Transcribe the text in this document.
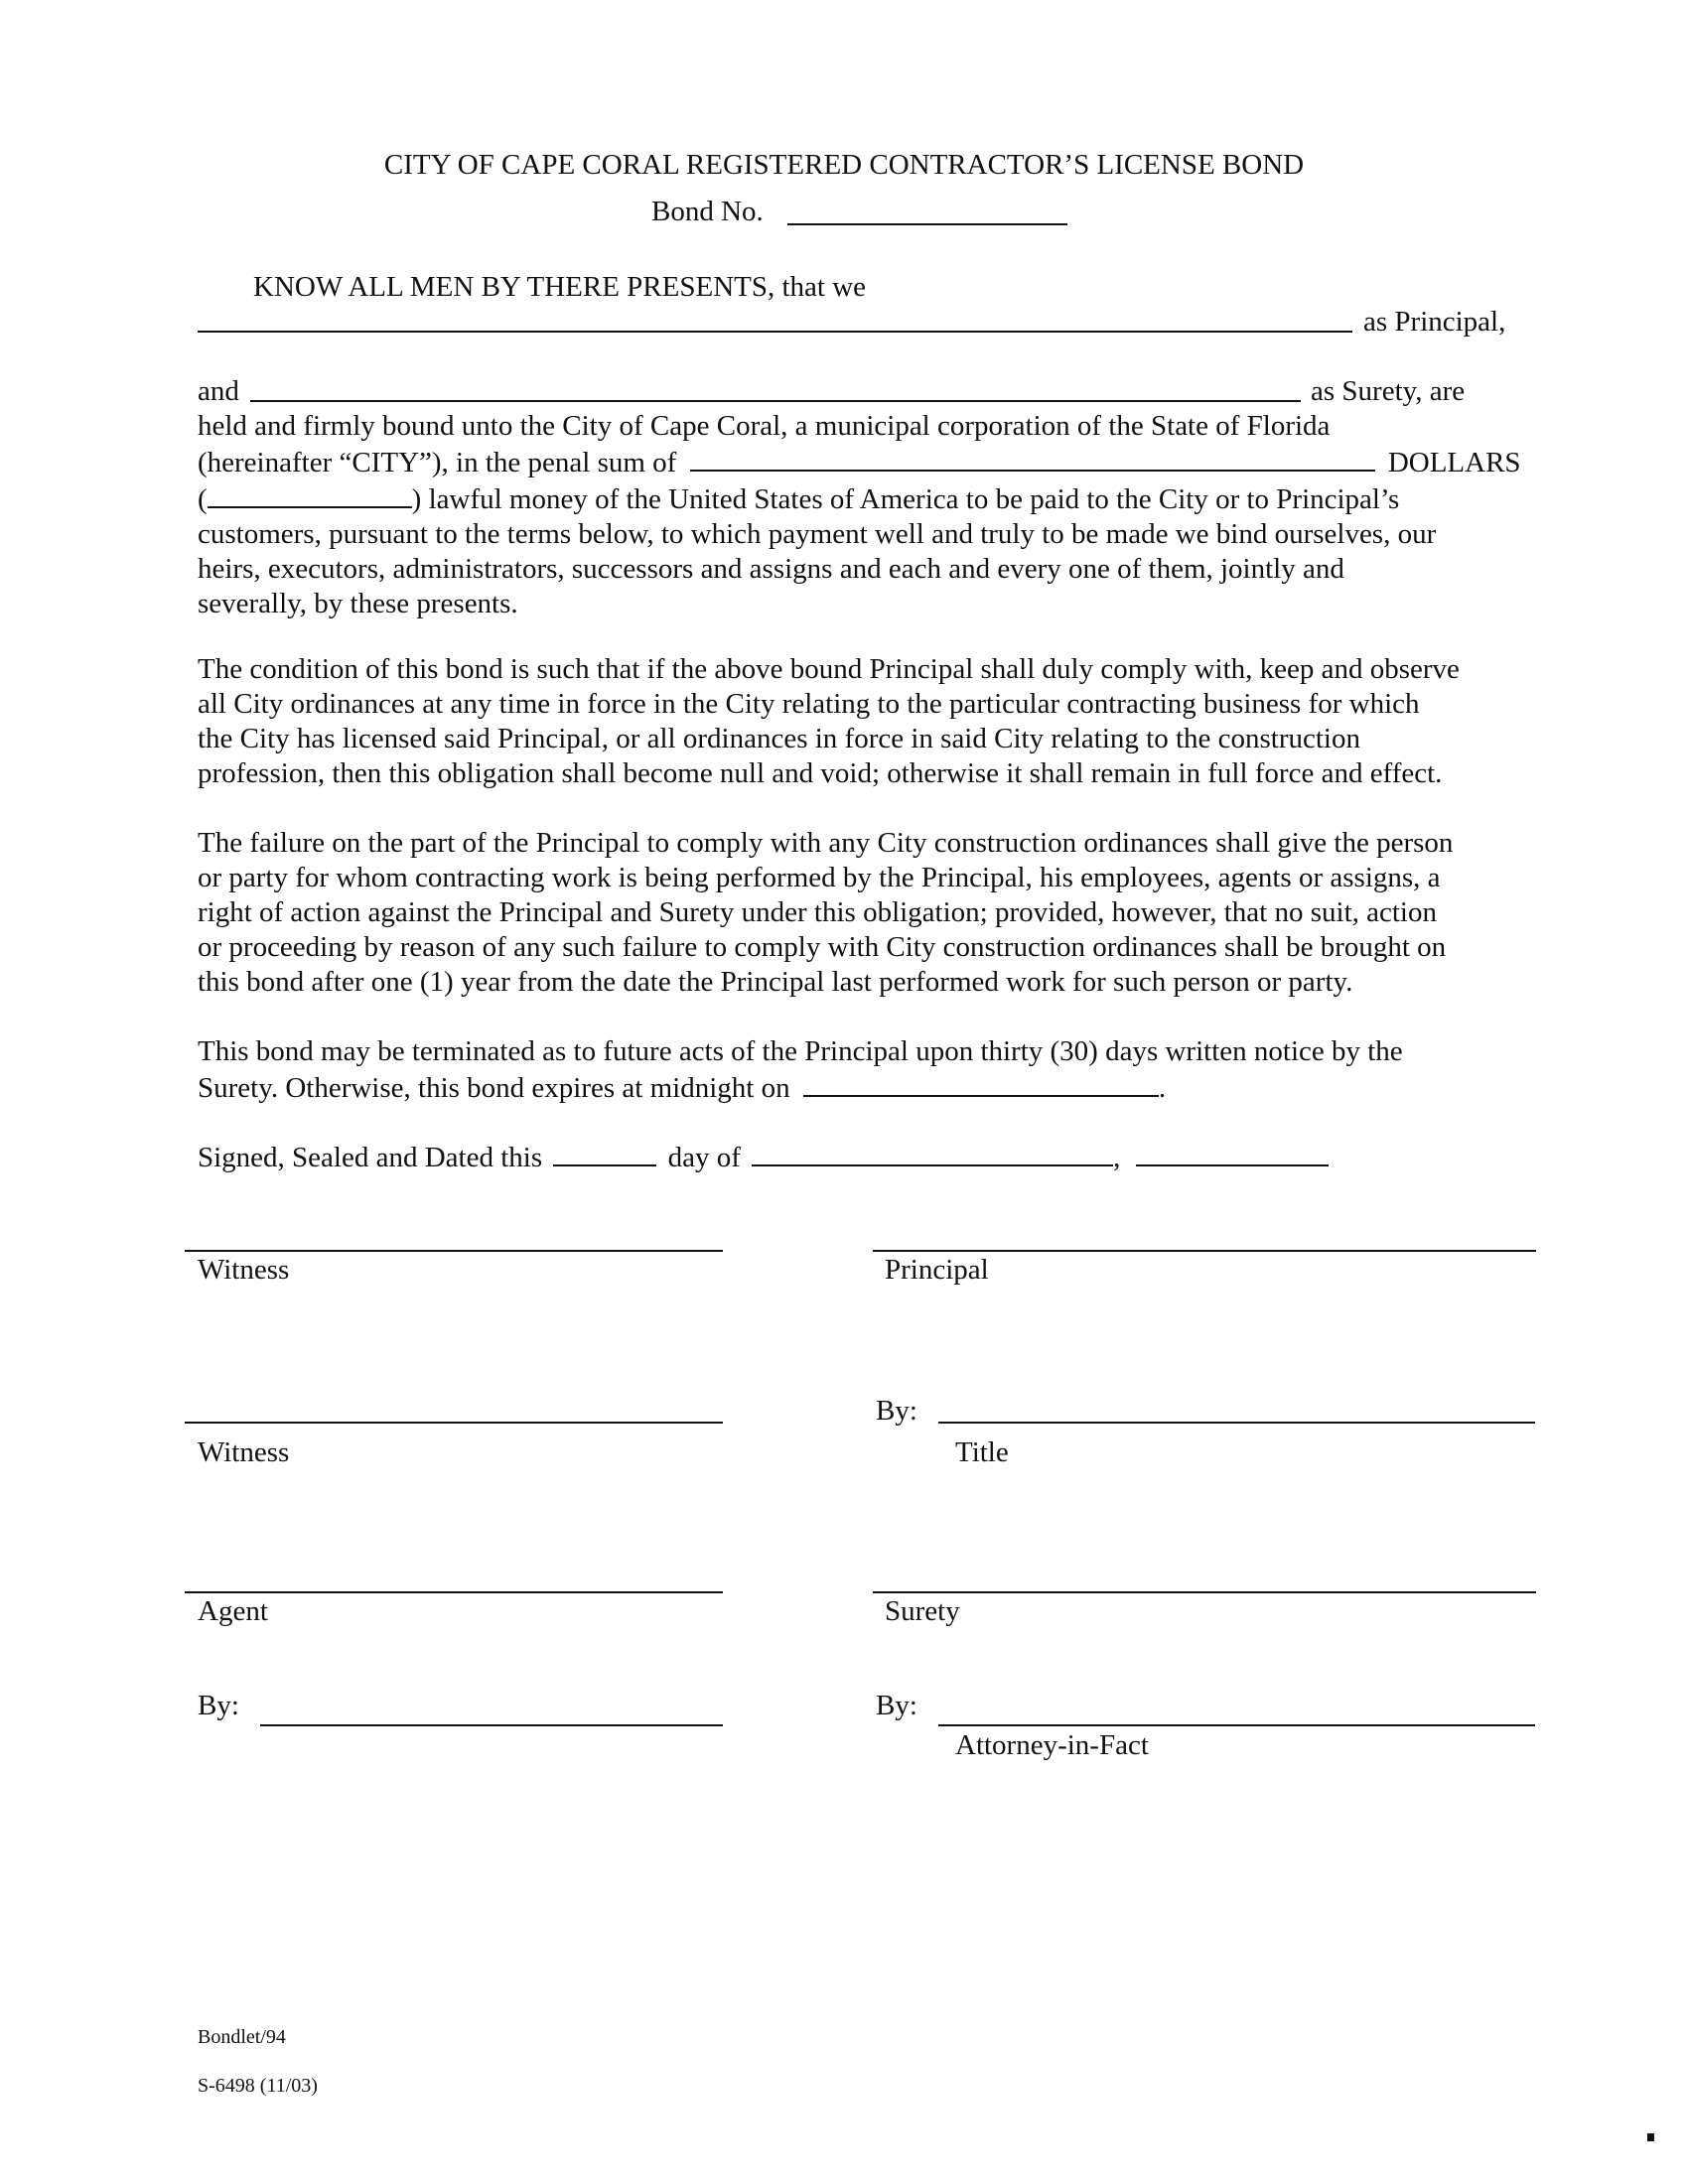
CITY OF CAPE CORAL REGISTERED CONTRACTOR’S LICENSE BOND
Bond No.
KNOW ALL MEN BY THERE PRESENTS, that we
as Principal,
and	as Surety, are
held and firmly bound unto the City of Cape Coral, a municipal corporation of the State of Florida
(hereinafter “CITY”), in the penal sum of	DOLLARS
(	) lawful money of the United States of America to be paid to the City or to Principal’s
customers, pursuant to the terms below, to which payment well and truly to be made we bind ourselves, our
heirs, executors, administrators, successors and assigns and each and every one of them, jointly and
severally, by these presents.
The condition of this bond is such that if the above bound Principal shall duly comply with, keep and observe
all City ordinances at any time in force in the City relating to the particular contracting business for which
the City has licensed said Principal, or all ordinances in force in said City relating to the construction
profession, then this obligation shall become null and void; otherwise it shall remain in full force and effect.
The failure on the part of the Principal to comply with any City construction ordinances shall give the person
or party for whom contracting work is being performed by the Principal, his employees, agents or assigns, a
right of action against the Principal and Surety under this obligation; provided, however, that no suit, action
or proceeding by reason of any such failure to comply with City construction ordinances shall be brought on
this bond after one (1) year from the date the Principal last performed work for such person or party.
This bond may be terminated as to future acts of the Principal upon thirty (30) days written notice by the
Surety. Otherwise, this bond expires at midnight on	.
Signed, Sealed and Dated this	day of	,
Witness	Principal
By:
Witness	Title
Agent	Surety
By:	By:
Attorney-in-Fact
Bondlet/94
S-6498 (11/03)
